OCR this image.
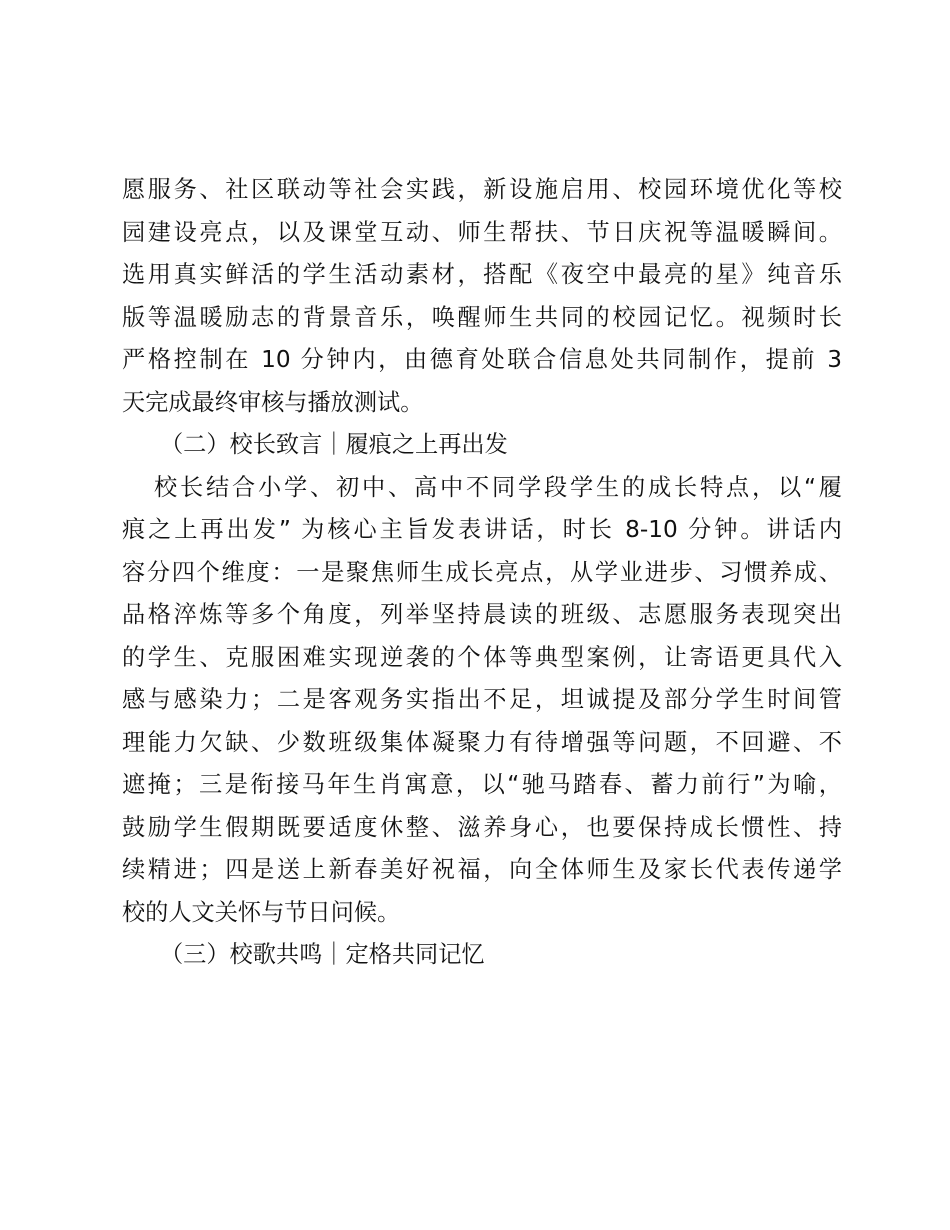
愿服务、社区联动等社会实践，新设施启用、校园环境优化等校
园建设亮点，以及课堂互动、师生帮扶、节日庆祝等温暖瞬间。
选用真实鲜活的学生活动素材，搭配《夜空中最亮的星》纯音乐
版等温暖励志的背景音乐，唤醒师生共同的校园记忆。视频时长
严格控制在 10 分钟内，由德育处联合信息处共同制作，提前 3
天完成最终审核与播放测试。
（二）校长致言｜履痕之上再出发
校长结合小学、初中、高中不同学段学生的成长特点，以“履
痕之上再出发” 为核心主旨发表讲话，时长 8-10 分钟。讲话内
容分四个维度：一是聚焦师生成长亮点，从学业进步、习惯养成、
品格淬炼等多个角度，列举坚持晨读的班级、志愿服务表现突出
的学生、克服困难实现逆袭的个体等典型案例，让寄语更具代入
感与感染力；二是客观务实指出不足，坦诚提及部分学生时间管
理能力欠缺、少数班级集体凝聚力有待增强等问题，不回避、不
遮掩；三是衔接马年生肖寓意，以“驰马踏春、蓄力前行”为喻，
鼓励学生假期既要适度休整、滋养身心，也要保持成长惯性、持
续精进；四是送上新春美好祝福，向全体师生及家长代表传递学
校的人文关怀与节日问候。
（三）校歌共鸣｜定格共同记忆
